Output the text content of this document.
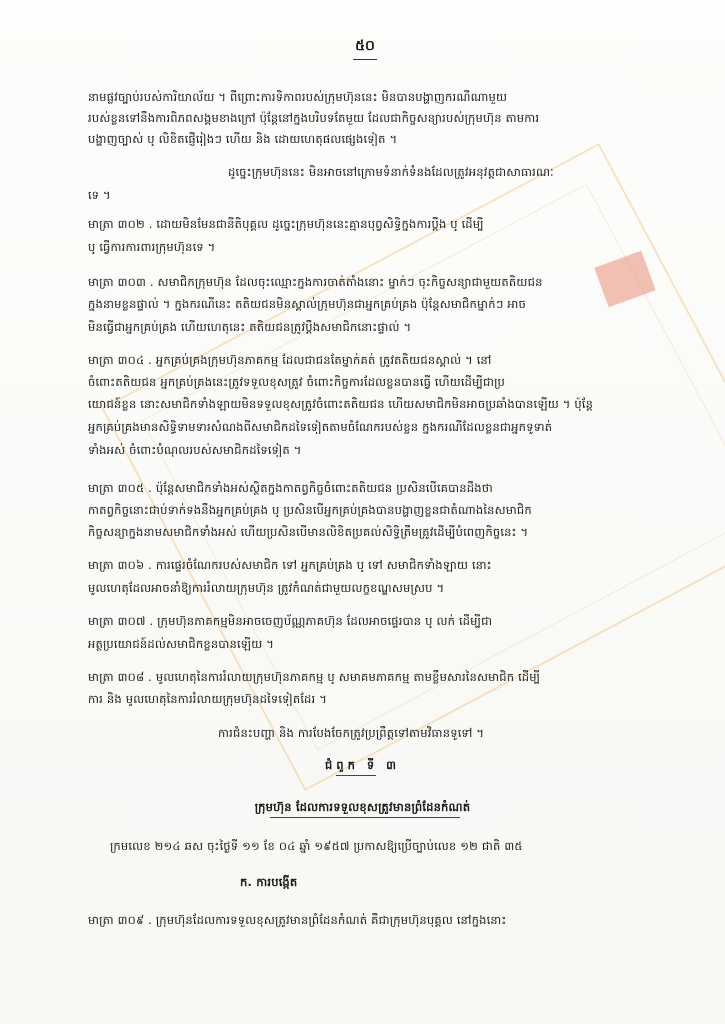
៥០
នាមផ្លូវច្បាប់របស់ការិយាល័យ ។ ពីព្រោះការទិកាពរបស់ក្រុមហ៊ុននេះ មិនបានបង្ហាញករណីណាមួយ
របស់ខ្លួនទៅនឹងការពិភពសង្គមខាងក្រៅ ប៉ុន្តែនៅក្នុងបរិបទតែមួយ ដែលជាកិច្ចសន្យារបស់ក្រុមហ៊ុន តាមការ
បង្ហាញច្បាស់ ឬ លិខិតផ្ញើរៀងៗ ហើយ និង ដោយហេតុផលផ្សេងទៀត ។
ដូច្នេះក្រុមហ៊ុននេះ មិនអាចនៅក្រោមទំនាក់ទំនងដែលត្រូវអនុវត្តជាសាធារណៈ
ទេ ។
មាត្រា ៣០២ . ដោយមិនមែនជានីតិបុគ្គល ដូច្នេះក្រុមហ៊ុននេះគ្មានបុព្វសិទ្ធិក្នុងការប្តឹង ឬ ដើម្បី
ឬ ធ្វើការការពារក្រុមហ៊ុនទេ ។
មាត្រា ៣០៣ . សមាជិកក្រុមហ៊ុន ដែលចុះឈ្មោះក្នុងការចាត់តាំងនោះ ម្នាក់ៗ ចុះកិច្ចសន្យាជាមួយតតិយជន
ក្នុងនាមខ្លួនផ្ទាល់ ។ ក្នុងករណីនេះ តតិយជនមិនស្គាល់ក្រុមហ៊ុនជាអ្នកគ្រប់គ្រង ប៉ុន្តែសមាជិកម្នាក់ៗ អាច
មិនធ្វើជាអ្នកគ្រប់គ្រង ហើយហេតុនេះ តតិយជនត្រូវប្តឹងសមាជិកនោះផ្ទាល់ ។
មាត្រា ៣០៤ . អ្នកគ្រប់គ្រងក្រុមហ៊ុនភាគកម្ម ដែលជាជនតែម្នាក់គត់ ត្រូវតតិយជនស្គាល់ ។ នៅ
ចំពោះតតិយជន អ្នកគ្រប់គ្រងនេះត្រូវទទួលខុសត្រូវ ចំពោះកិច្ចការដែលខ្លួនបានធ្វើ ហើយដើម្បីជាប្រ
យោជន៍ខ្លួន នោះសមាជិកទាំងឡាយមិនទទួលខុសត្រូវចំពោះតតិយជន ហើយសមាជិកមិនអាចប្រឆាំងបានឡើយ ។ ប៉ុន្តែ
អ្នកគ្រប់គ្រងមានសិទ្ធិទាមទារសំណងពីសមាជិកដទៃទៀតតាមចំណែករបស់ខ្លួន ក្នុងករណីដែលខ្លួនជាអ្នកទូទាត់
ទាំងអស់ ចំពោះបំណុលរបស់សមាជិកដទៃទៀត ។
មាត្រា ៣០៥ . ប៉ុន្តែសមាជិកទាំងអស់ស្ថិតក្នុងកាតព្វកិច្ចចំពោះតតិយជន ប្រសិនបើគេបានដឹងថា
កាតព្វកិច្ចនោះជាប់ទាក់ទងនឹងអ្នកគ្រប់គ្រង ឬ ប្រសិនបើអ្នកគ្រប់គ្រងបានបង្ហាញខ្លួនជាតំណាងនៃសមាជិក
កិច្ចសន្យាក្នុងនាមសមាជិកទាំងអស់ ហើយប្រសិនបើមានលិខិតប្រគល់សិទ្ធិត្រឹមត្រូវដើម្បីបំពេញកិច្ចនេះ ។
មាត្រា ៣០៦ . ការផ្ទេរចំណែករបស់សមាជិក ទៅ អ្នកគ្រប់គ្រង ឬ ទៅ សមាជិកទាំងឡាយ នោះ
មូលហេតុដែលអាចនាំឱ្យការរំលាយក្រុមហ៊ុន ត្រូវកំណត់ជាមួយលក្ខខណ្ឌសមស្រប ។
មាត្រា ៣០៧ . ក្រុមហ៊ុនភាគកម្មមិនអាចចេញប័ណ្ណភាគហ៊ុន ដែលអាចផ្ទេរបាន ឬ លក់ ដើម្បីជា
អត្ថប្រយោជន៍ដល់សមាជិកខ្លួនបានឡើយ ។
មាត្រា ៣០៨ . មូលហេតុនៃការរំលាយក្រុមហ៊ុនភាគកម្ម ឬ សមាគមភាគកម្ម តាមខ្លឹមសារនៃសមាជិក ដើម្បី
ការ និង មូលហេតុនៃការរំលាយក្រុមហ៊ុនដទៃទៀតដែរ ។
ការជំនះបញ្ហា និង ការបែងចែកត្រូវប្រព្រឹត្តទៅតាមវិធានទូទៅ ។
ជំពូក ទី ៣
ក្រុមហ៊ុន ដែលការទទួលខុសត្រូវមានព្រំដែនកំណត់
ក្រមលេខ ២១៤ ឆស ចុះថ្ងៃទី ១១ ខែ ០៤ ឆ្នាំ ១៩៥៧ ប្រកាសឱ្យប្រើច្បាប់លេខ ១២ ជាតិ ៣៥
ក. ការបង្កើត
មាត្រា ៣០៩ . ក្រុមហ៊ុនដែលការទទួលខុសត្រូវមានព្រំដែនកំណត់ គឺជាក្រុមហ៊ុនបុគ្គល នៅក្នុងនោះ
